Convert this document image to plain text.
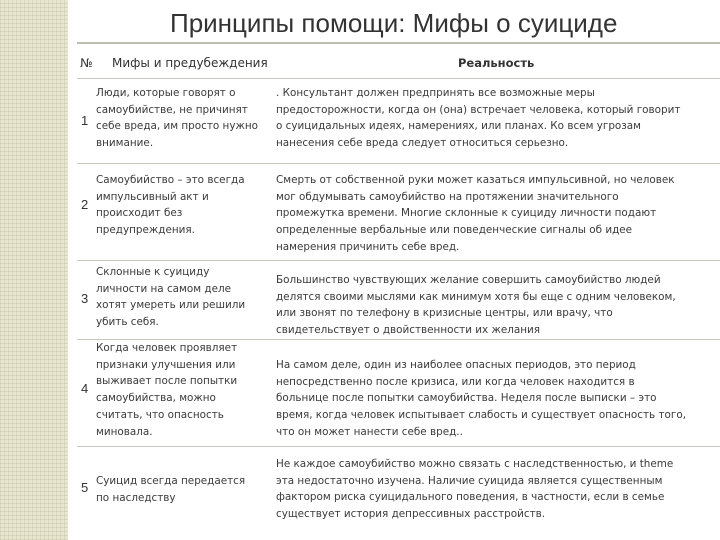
Принципы помощи: Мифы о суициде
№ Мифы и предубеждения	Реальность
1
Люди, которые говорят о
самоубийстве, не причинят
себе вреда, им просто нужно
внимание.
. Консультант должен предпринять все возможные меры
предосторожности, когда он (она) встречает человека, который говорит
о суицидальных идеях, намерениях, или планах. Ко всем угрозам
нанесения себе вреда следует относиться серьезно.
2
Самоубийство – это всегда
импульсивный акт и
происходит без
предупреждения.
Смерть от собственной руки может казаться импульсивной, но человек
мог обдумывать самоубийство на протяжении значительного
промежутка времени. Многие склонные к суициду личности подают
определенные вербальные или поведенческие сигналы об идее
намерения причинить себе вред.
3
Склонные к суициду
личности на самом деле
хотят умереть или решили
убить себя.
Большинство чувствующих желание совершить самоубийство людей
делятся своими мыслями как минимум хотя бы еще с одним человеком,
или звонят по телефону в кризисные центры, или врачу, что
свидетельствует о двойственности их желания
4
Когда человек проявляет
признаки улучшения или
выживает после попытки
самоубийства, можно
считать, что опасность
миновала.
На самом деле, один из наиболее опасных периодов, это период
непосредственно после кризиса, или когда человек находится в
больнице после попытки самоубийства. Неделя после выписки – это
время, когда человек испытывает слабость и существует опасность того,
что он может нанести себе вред..
5 Суицид всегда передается
по наследству
Не каждое самоубийство можно связать с наследственностью, и theme
эта недостаточно изучена. Наличие суицида является существенным
фактором риска суицидального поведения, в частности, если в семье
существует история депрессивных расстройств.
